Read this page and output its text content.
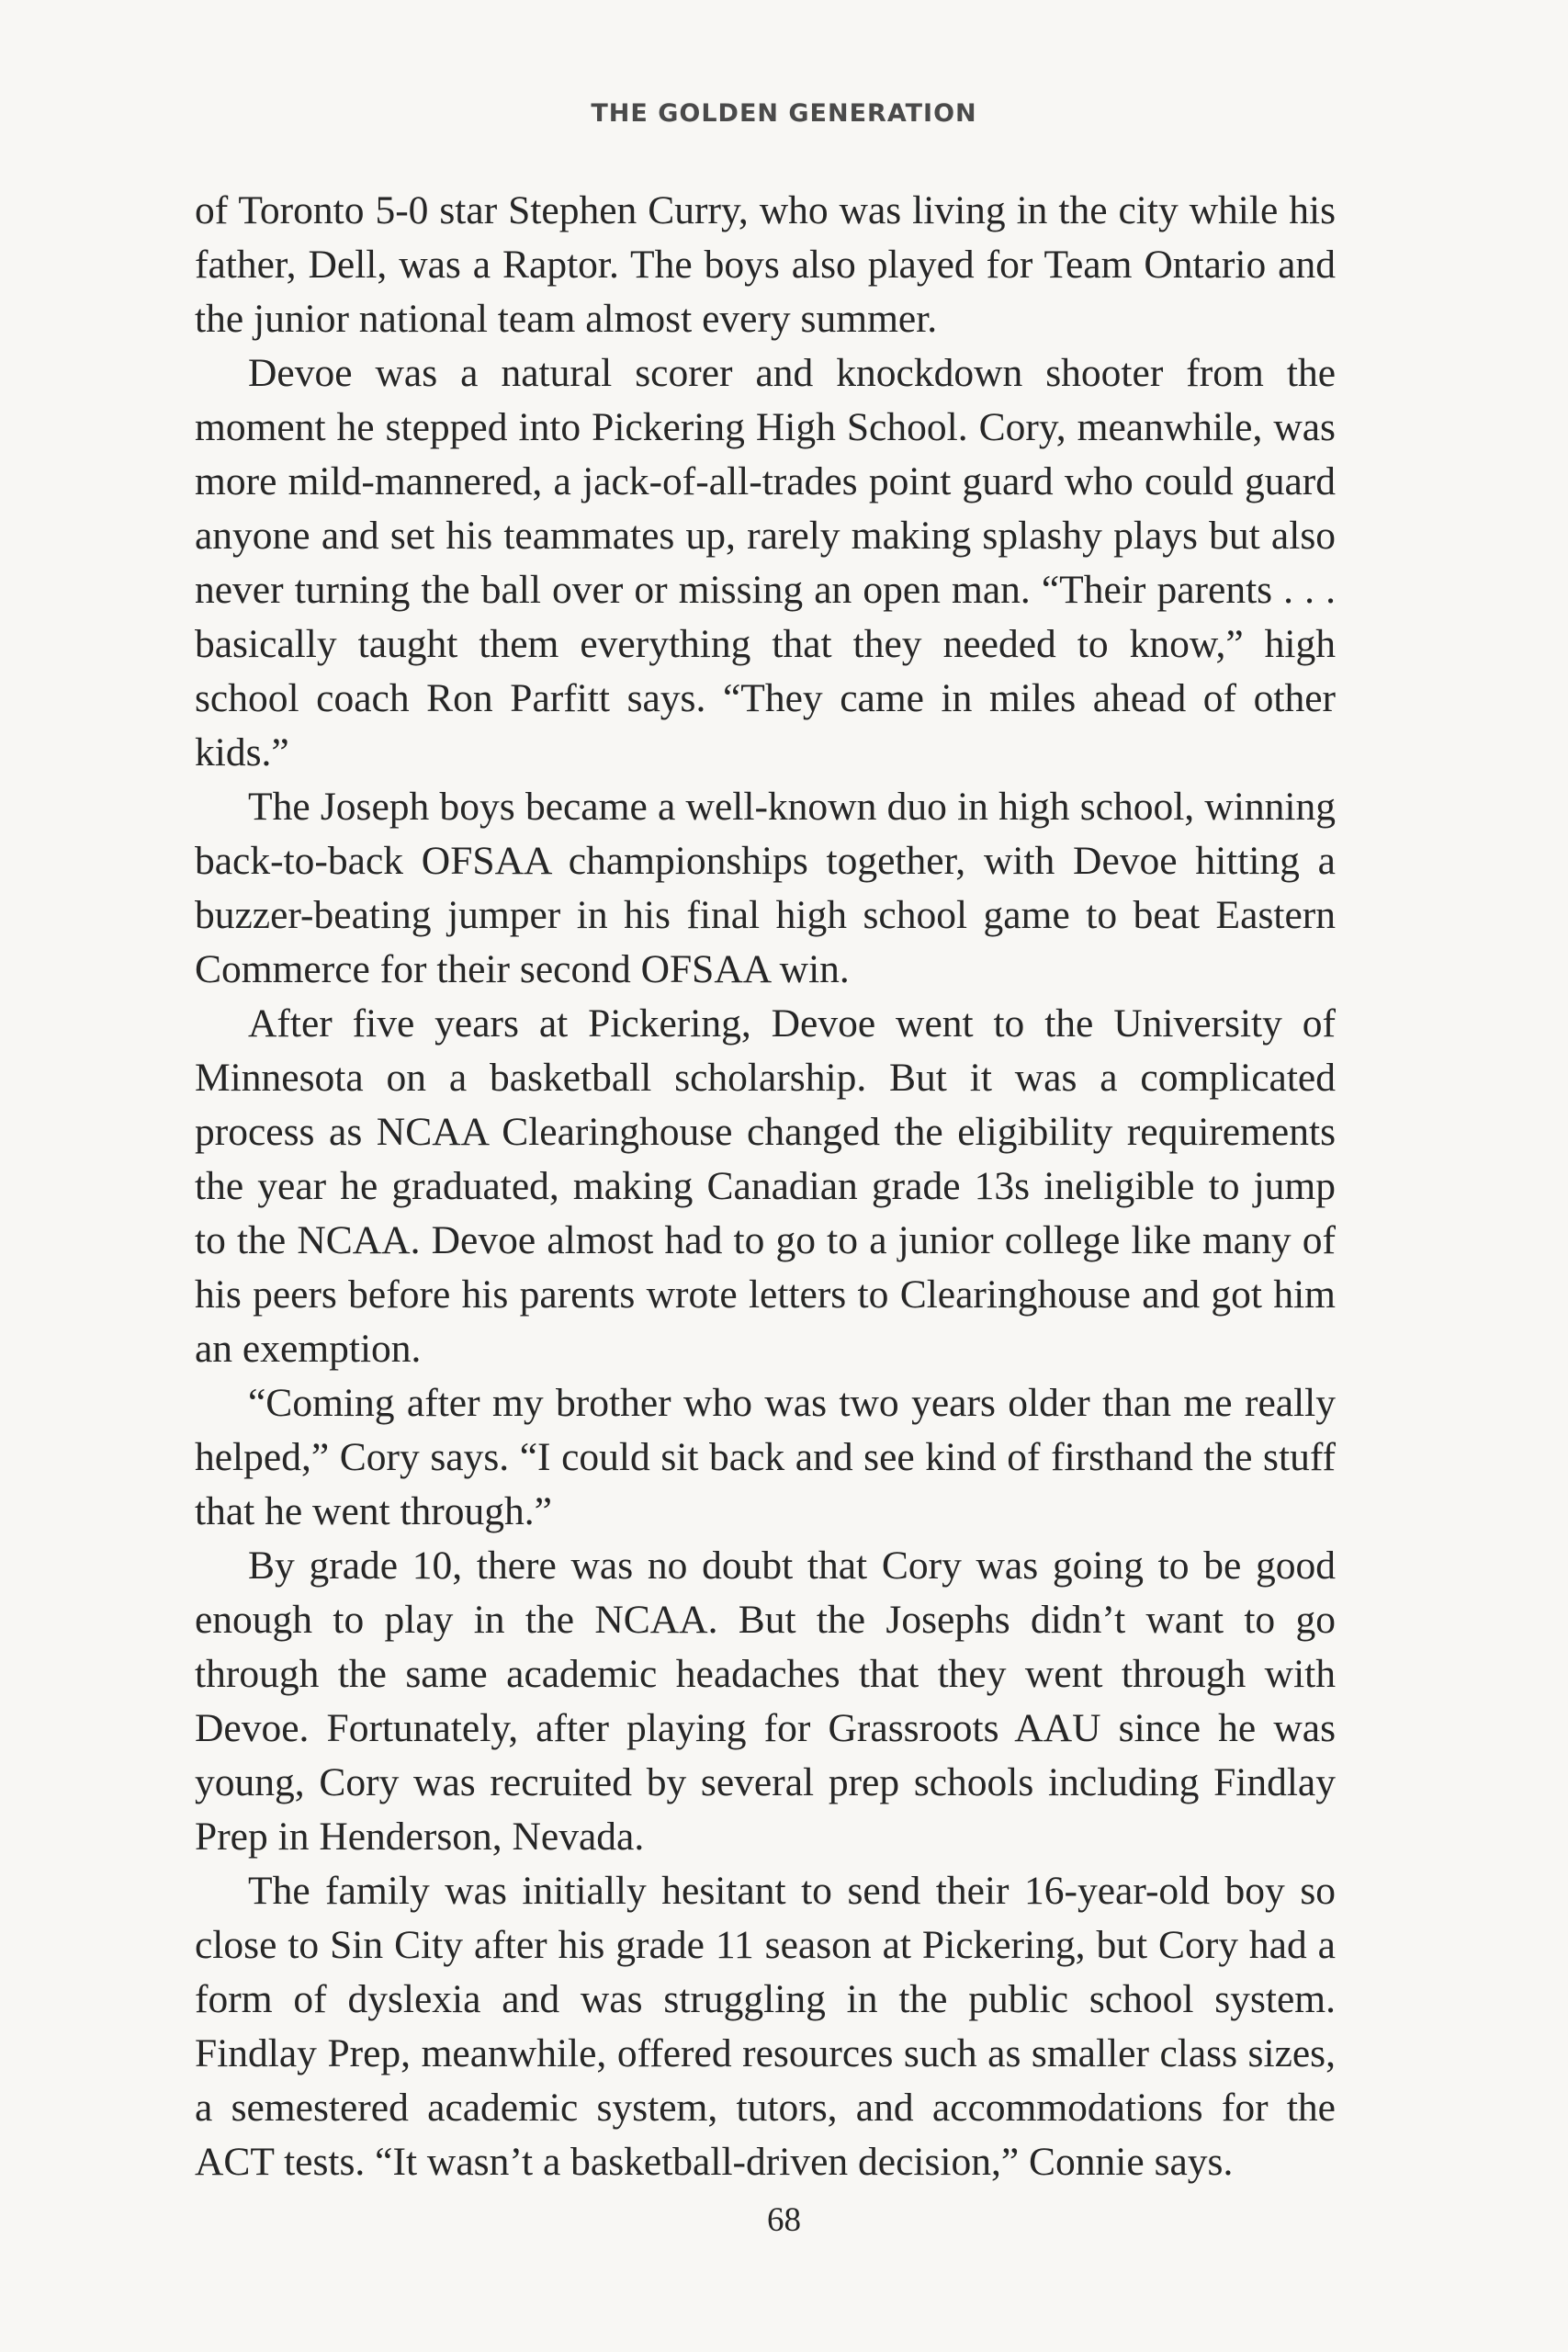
THE GOLDEN GENERATION

of Toronto 5-0 star Stephen Curry, who was living in the city while his father, Dell, was a Raptor. The boys also played for Team Ontario and the junior national team almost every summer.

Devoe was a natural scorer and knockdown shooter from the moment he stepped into Pickering High School. Cory, meanwhile, was more mild-mannered, a jack-of-all-trades point guard who could guard anyone and set his teammates up, rarely making splashy plays but also never turning the ball over or missing an open man. “Their parents . . . basically taught them everything that they needed to know,” high school coach Ron Parfitt says. “They came in miles ahead of other kids.”

The Joseph boys became a well-known duo in high school, winning back-to-back OFSAA championships together, with Devoe hitting a buzzer-beating jumper in his final high school game to beat Eastern Commerce for their second OFSAA win.

After five years at Pickering, Devoe went to the University of Minnesota on a basketball scholarship. But it was a complicated process as NCAA Clearinghouse changed the eligibility requirements the year he graduated, making Canadian grade 13s ineligible to jump to the NCAA. Devoe almost had to go to a junior college like many of his peers before his parents wrote letters to Clearinghouse and got him an exemption.

“Coming after my brother who was two years older than me really helped,” Cory says. “I could sit back and see kind of firsthand the stuff that he went through.”

By grade 10, there was no doubt that Cory was going to be good enough to play in the NCAA. But the Josephs didn’t want to go through the same academic headaches that they went through with Devoe. Fortunately, after playing for Grassroots AAU since he was young, Cory was recruited by several prep schools including Findlay Prep in Henderson, Nevada.

The family was initially hesitant to send their 16-year-old boy so close to Sin City after his grade 11 season at Pickering, but Cory had a form of dyslexia and was struggling in the public school system. Findlay Prep, meanwhile, offered resources such as smaller class sizes, a semestered academic system, tutors, and accommodations for the ACT tests. “It wasn’t a basketball-driven decision,” Connie says.

68
